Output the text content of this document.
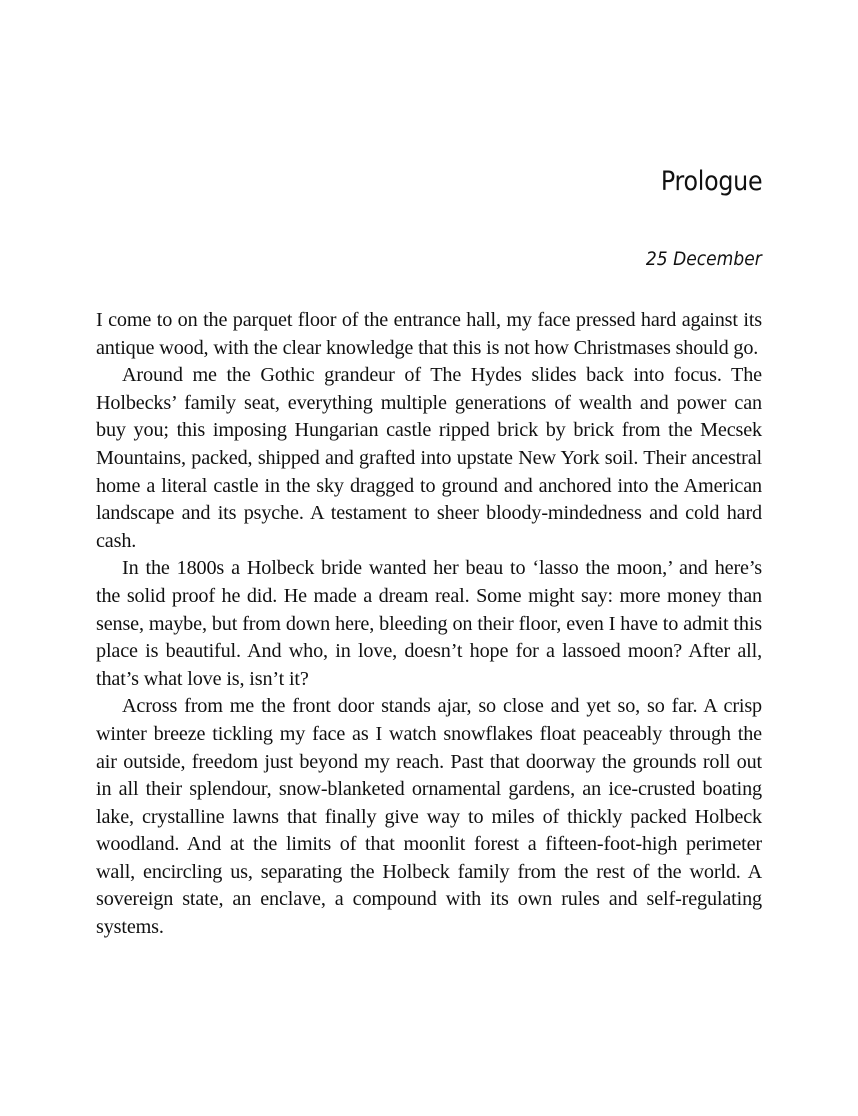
Prologue
25 December

I come to on the parquet floor of the entrance hall, my face pressed hard against its antique wood, with the clear knowledge that this is not how Christmases should go.

Around me the Gothic grandeur of The Hydes slides back into focus. The Holbecks’ family seat, everything multiple generations of wealth and power can buy you; this imposing Hungarian castle ripped brick by brick from the Mecsek Mountains, packed, shipped and grafted into upstate New York soil. Their ancestral home a literal castle in the sky dragged to ground and anchored into the American landscape and its psyche. A testament to sheer bloody-mindedness and cold hard cash.

In the 1800s a Holbeck bride wanted her beau to ‘lasso the moon,’ and here’s the solid proof he did. He made a dream real. Some might say: more money than sense, maybe, but from down here, bleeding on their floor, even I have to admit this place is beautiful. And who, in love, doesn’t hope for a lassoed moon? After all, that’s what love is, isn’t it?

Across from me the front door stands ajar, so close and yet so, so far. A crisp winter breeze tickling my face as I watch snowflakes float peaceably through the air outside, freedom just beyond my reach. Past that doorway the grounds roll out in all their splendour, snow-blanketed ornamental gardens, an ice-crusted boating lake, crystalline lawns that finally give way to miles of thickly packed Holbeck woodland. And at the limits of that moonlit forest a fifteen-foot-high perimeter wall, encircling us, separating the Holbeck family from the rest of the world. A sovereign state, an enclave, a compound with its own rules and self-regulating systems.
